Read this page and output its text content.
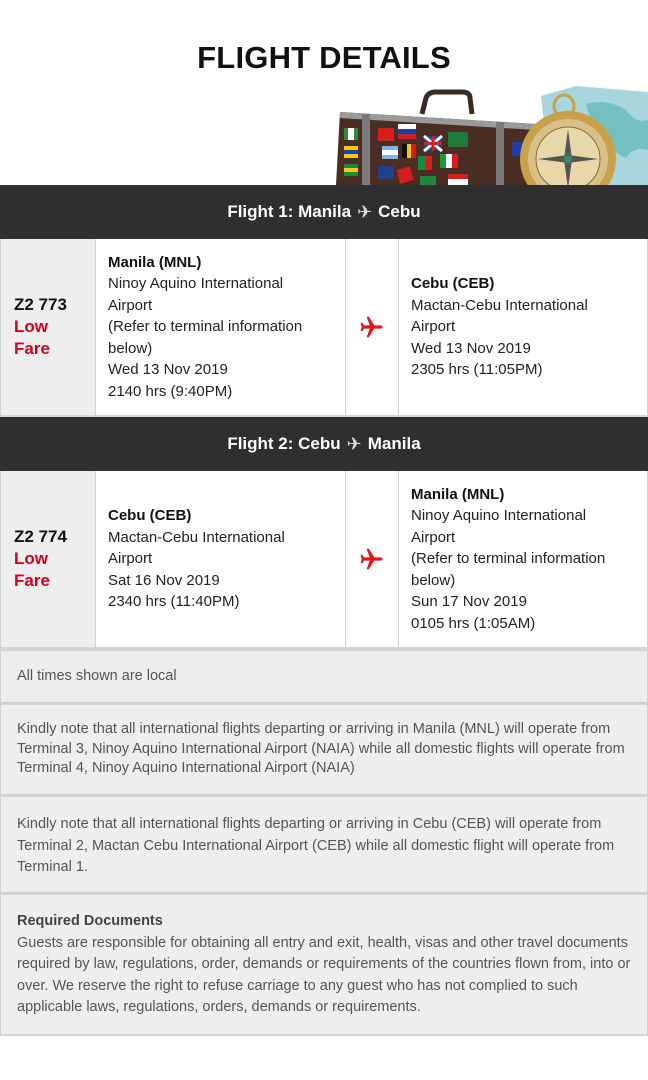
FLIGHT DETAILS
Flight 1: Manila ✈ Cebu
Z2 773
Low
Fare
Manila (MNL)
Ninoy Aquino International
Airport
(Refer to terminal information
below)
Wed 13 Nov 2019
2140 hrs (9:40PM)
Cebu (CEB)
Mactan-Cebu International
Airport
Wed 13 Nov 2019
2305 hrs (11:05PM)
Flight 2: Cebu ✈ Manila
Z2 774
Low
Fare
Cebu (CEB)
Mactan-Cebu International
Airport
Sat 16 Nov 2019
2340 hrs (11:40PM)
Manila (MNL)
Ninoy Aquino International
Airport
(Refer to terminal information
below)
Sun 17 Nov 2019
0105 hrs (1:05AM)
All times shown are local
Kindly note that all international flights departing or arriving in Manila (MNL) will operate from Terminal 3, Ninoy Aquino International Airport (NAIA) while all domestic flights will operate from Terminal 4, Ninoy Aquino International Airport (NAIA)
Kindly note that all international flights departing or arriving in Cebu (CEB) will operate from Terminal 2, Mactan Cebu International Airport (CEB) while all domestic flight will operate from Terminal 1.
Required Documents
Guests are responsible for obtaining all entry and exit, health, visas and other travel documents required by law, regulations, order, demands or requirements of the countries flown from, into or over. We reserve the right to refuse carriage to any guest who has not complied to such applicable laws, regulations, orders, demands or requirements.
